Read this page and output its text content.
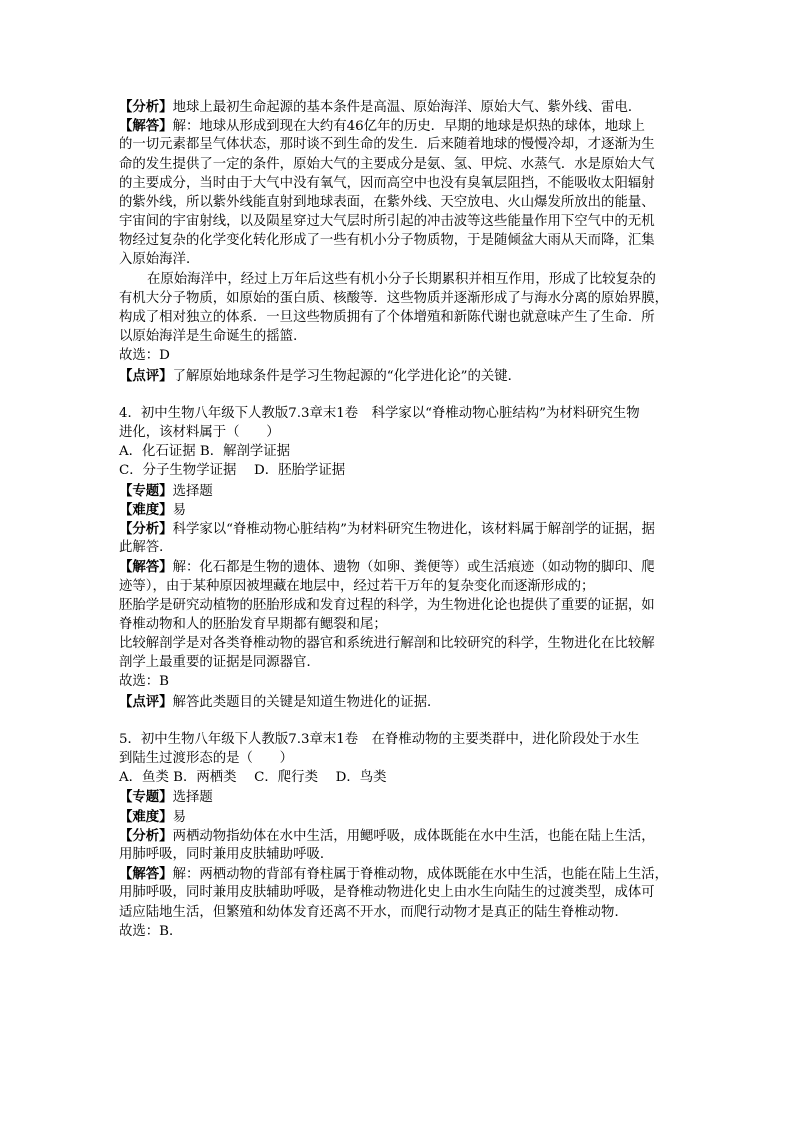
【分析】地球上最初生命起源的基本条件是高温、原始海洋、原始大气、紫外线、雷电．
【解答】解：地球从形成到现在大约有46亿年的历史．早期的地球是炽热的球体，地球上
的一切元素都呈气体状态，那时谈不到生命的发生．后来随着地球的慢慢冷却，才逐渐为生
命的发生提供了一定的条件，原始大气的主要成分是氨、氢、甲烷、水蒸气．水是原始大气
的主要成分，当时由于大气中没有氧气，因而高空中也没有臭氧层阻挡，不能吸收太阳辐射
的紫外线，所以紫外线能直射到地球表面，在紫外线、天空放电、火山爆发所放出的能量、
宇宙间的宇宙射线，以及陨星穿过大气层时所引起的冲击波等这些能量作用下空气中的无机
物经过复杂的化学变化转化形成了一些有机小分子物质物，于是随倾盆大雨从天而降，汇集
入原始海洋．
在原始海洋中，经过上万年后这些有机小分子长期累积并相互作用，形成了比较复杂的
有机大分子物质，如原始的蛋白质、核酸等．这些物质并逐渐形成了与海水分离的原始界膜，
构成了相对独立的体系．一旦这些物质拥有了个体增殖和新陈代谢也就意味产生了生命．所
以原始海洋是生命诞生的摇篮．
故选：D
【点评】了解原始地球条件是学习生物起源的“化学进化论”的关键．
4．初中生物八年级下人教版7.3章末1卷　科学家以“脊椎动物心脏结构”为材料研究生物
进化，该材料属于（　　）
A．化石证据 B．解剖学证据
C．分子生物学证据　 D．胚胎学证据
【专题】选择题
【难度】易
【分析】科学家以“脊椎动物心脏结构”为材料研究生物进化，该材料属于解剖学的证据，据
此解答．
【解答】解：化石都是生物的遗体、遗物（如卵、粪便等）或生活痕迹（如动物的脚印、爬
迹等），由于某种原因被埋藏在地层中，经过若干万年的复杂变化而逐渐形成的；
胚胎学是研究动植物的胚胎形成和发育过程的科学，为生物进化论也提供了重要的证据，如
脊椎动物和人的胚胎发育早期都有鳃裂和尾；
比较解剖学是对各类脊椎动物的器官和系统进行解剖和比较研究的科学，生物进化在比较解
剖学上最重要的证据是同源器官．
故选：B
【点评】解答此类题目的关键是知道生物进化的证据．
5．初中生物八年级下人教版7.3章末1卷　在脊椎动物的主要类群中，进化阶段处于水生
到陆生过渡形态的是（　　）
A．鱼类 B．两栖类　 C．爬行类　 D．鸟类
【专题】选择题
【难度】易
【分析】两栖动物指幼体在水中生活，用鳃呼吸，成体既能在水中生活，也能在陆上生活，
用肺呼吸，同时兼用皮肤辅助呼吸．
【解答】解：两栖动物的背部有脊柱属于脊椎动物，成体既能在水中生活，也能在陆上生活，
用肺呼吸，同时兼用皮肤辅助呼吸，是脊椎动物进化史上由水生向陆生的过渡类型，成体可
适应陆地生活，但繁殖和幼体发育还离不开水，而爬行动物才是真正的陆生脊椎动物．
故选：B．
